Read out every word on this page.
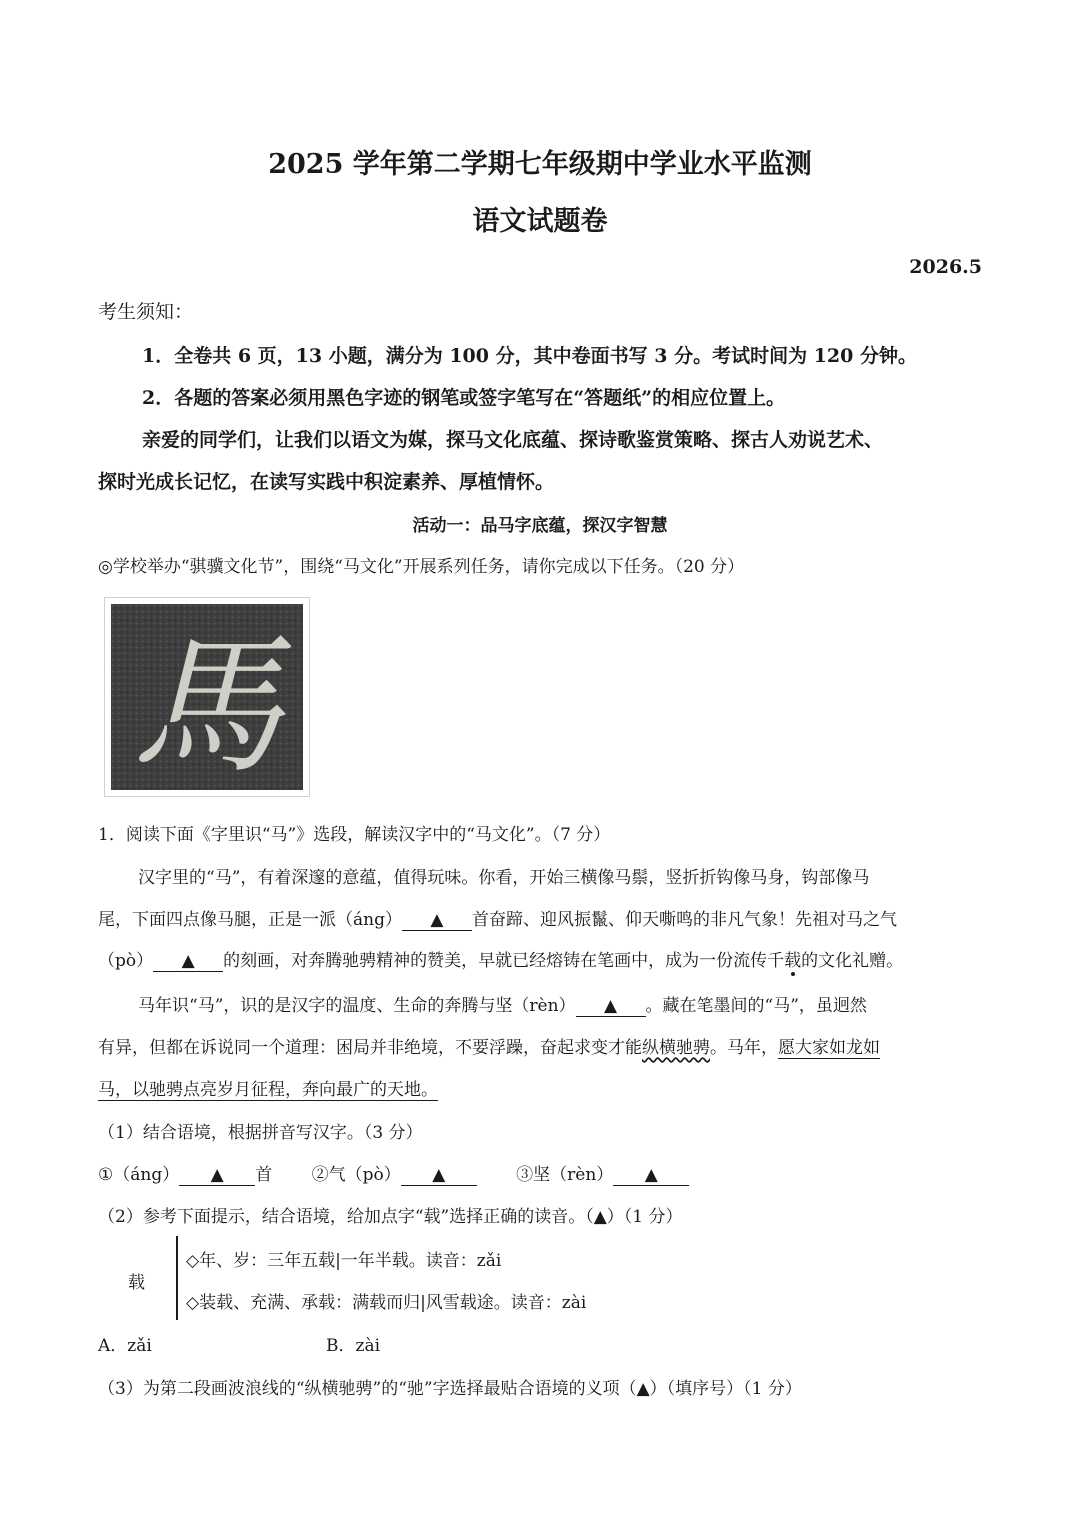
2025 学年第二学期七年级期中学业水平监测
语文试题卷
2026.5
考生须知：
1．全卷共 6 页，13 小题，满分为 100 分，其中卷面书写 3 分。考试时间为 120 分钟。
2．各题的答案必须用黑色字迹的钢笔或签字笔写在“答题纸”的相应位置上。
亲爱的同学们，让我们以语文为媒，探马文化底蕴、探诗歌鉴赏策略、探古人劝说艺术、
探时光成长记忆，在读写实践中积淀素养、厚植情怀。
活动一：品马字底蕴，探汉字智慧
◎学校举办“骐骥文化节”，围绕“马文化”开展系列任务，请你完成以下任务。（20 分）
馬
1．阅读下面《字里识“马”》选段，解读汉字中的“马文化”。（7 分）
汉字里的“马”，有着深邃的意蕴，值得玩味。你看，开始三横像马鬃，竖折折钩像马身，钩部像马
尾，下面四点像马腿，正是一派（áng） ▲ 首奋蹄、迎风振鬣、仰天嘶鸣的非凡气象！先祖对马之气
（pò） ▲ 的刻画，对奔腾驰骋精神的赞美，早就已经熔铸在笔画中，成为一份流传千载的文化礼赠。
马年识“马”，识的是汉字的温度、生命的奔腾与坚（rèn） ▲ 。藏在笔墨间的“马”，虽迥然
有异，但都在诉说同一个道理：困局并非绝境，不要浮躁，奋起求变才能纵横驰骋。马年，愿大家如龙如
马，以驰骋点亮岁月征程，奔向最广的天地。
（1）结合语境，根据拼音写汉字。（3 分）
①（áng） ▲ 首 ②气（pò） ▲	③坚（rèn） ▲
（2）参考下面提示，结合语境，给加点字“载”选择正确的读音。（▲）（1 分）
载
◇年、岁：三年五载|一年半载。读音：zǎi
◇装载、充满、承载：满载而归|风雪载途。读音：zài
A．zǎi	B．zài
（3）为第二段画波浪线的“纵横驰骋”的“驰”字选择最贴合语境的义项（▲）（填序号）（1 分）
